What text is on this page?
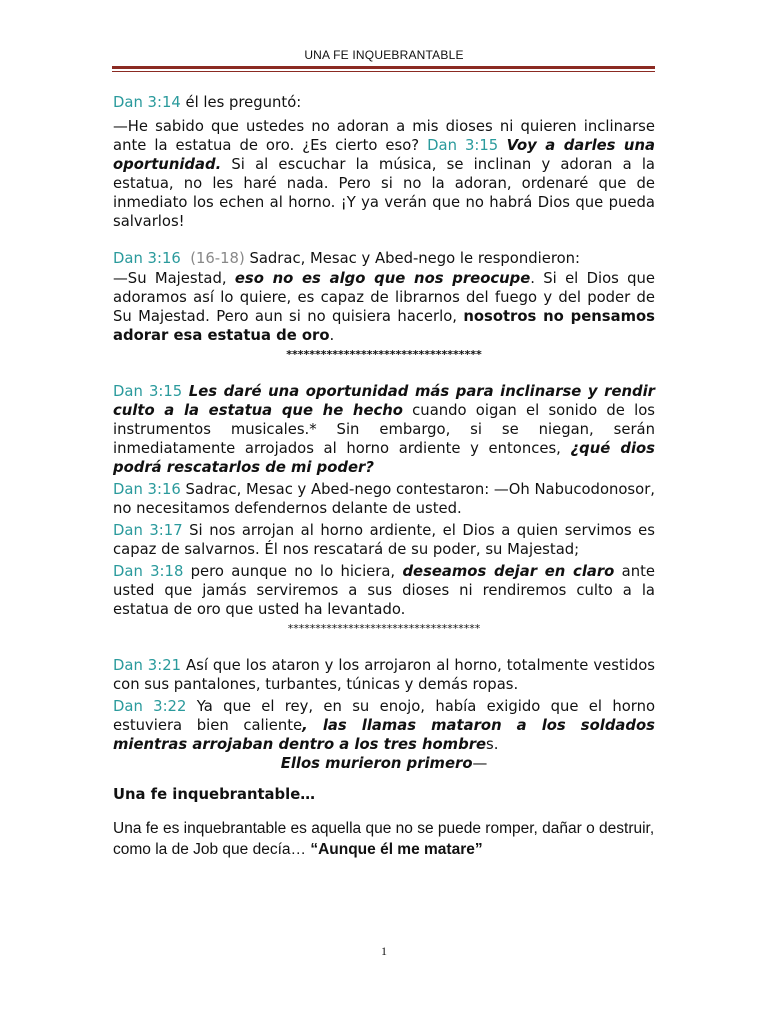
UNA FE INQUEBRANTABLE

Dan 3:14 él les preguntó:

—He sabido que ustedes no adoran a mis dioses ni quieren inclinarse ante la estatua de oro. ¿Es cierto eso? Dan 3:15 Voy a darles una oportunidad. Si al escuchar la música, se inclinan y adoran a la estatua, no les haré nada. Pero si no la adoran, ordenaré que de inmediato los echen al horno. ¡Y ya verán que no habrá Dios que pueda salvarlos!

Dan 3:16 (16-18) Sadrac, Mesac y Abed-nego le respondieron:

—Su Majestad, eso no es algo que nos preocupe. Si el Dios que adoramos así lo quiere, es capaz de librarnos del fuego y del poder de Su Majestad. Pero aun si no quisiera hacerlo, nosotros no pensamos adorar esa estatua de oro.

**********************************

Dan 3:15 Les daré una oportunidad más para inclinarse y rendir culto a la estatua que he hecho cuando oigan el sonido de los instrumentos musicales.* Sin embargo, si se niegan, serán inmediatamente arrojados al horno ardiente y entonces, ¿qué dios podrá rescatarlos de mi poder?

Dan 3:16 Sadrac, Mesac y Abed-nego contestaron: —Oh Nabucodonosor, no necesitamos defendernos delante de usted.

Dan 3:17 Si nos arrojan al horno ardiente, el Dios a quien servimos es capaz de salvarnos. Él nos rescatará de su poder, su Majestad;

Dan 3:18 pero aunque no lo hiciera, deseamos dejar en claro ante usted que jamás serviremos a sus dioses ni rendiremos culto a la estatua de oro que usted ha levantado.

***********************************

Dan 3:21 Así que los ataron y los arrojaron al horno, totalmente vestidos con sus pantalones, turbantes, túnicas y demás ropas.

Dan 3:22 Ya que el rey, en su enojo, había exigido que el horno estuviera bien caliente, las llamas mataron a los soldados mientras arrojaban dentro a los tres hombres.

Ellos murieron primero—

Una fe inquebrantable…

Una fe es inquebrantable es aquella que no se puede romper, dañar o destruir, como la de Job que decía… “Aunque él me matare”

1
